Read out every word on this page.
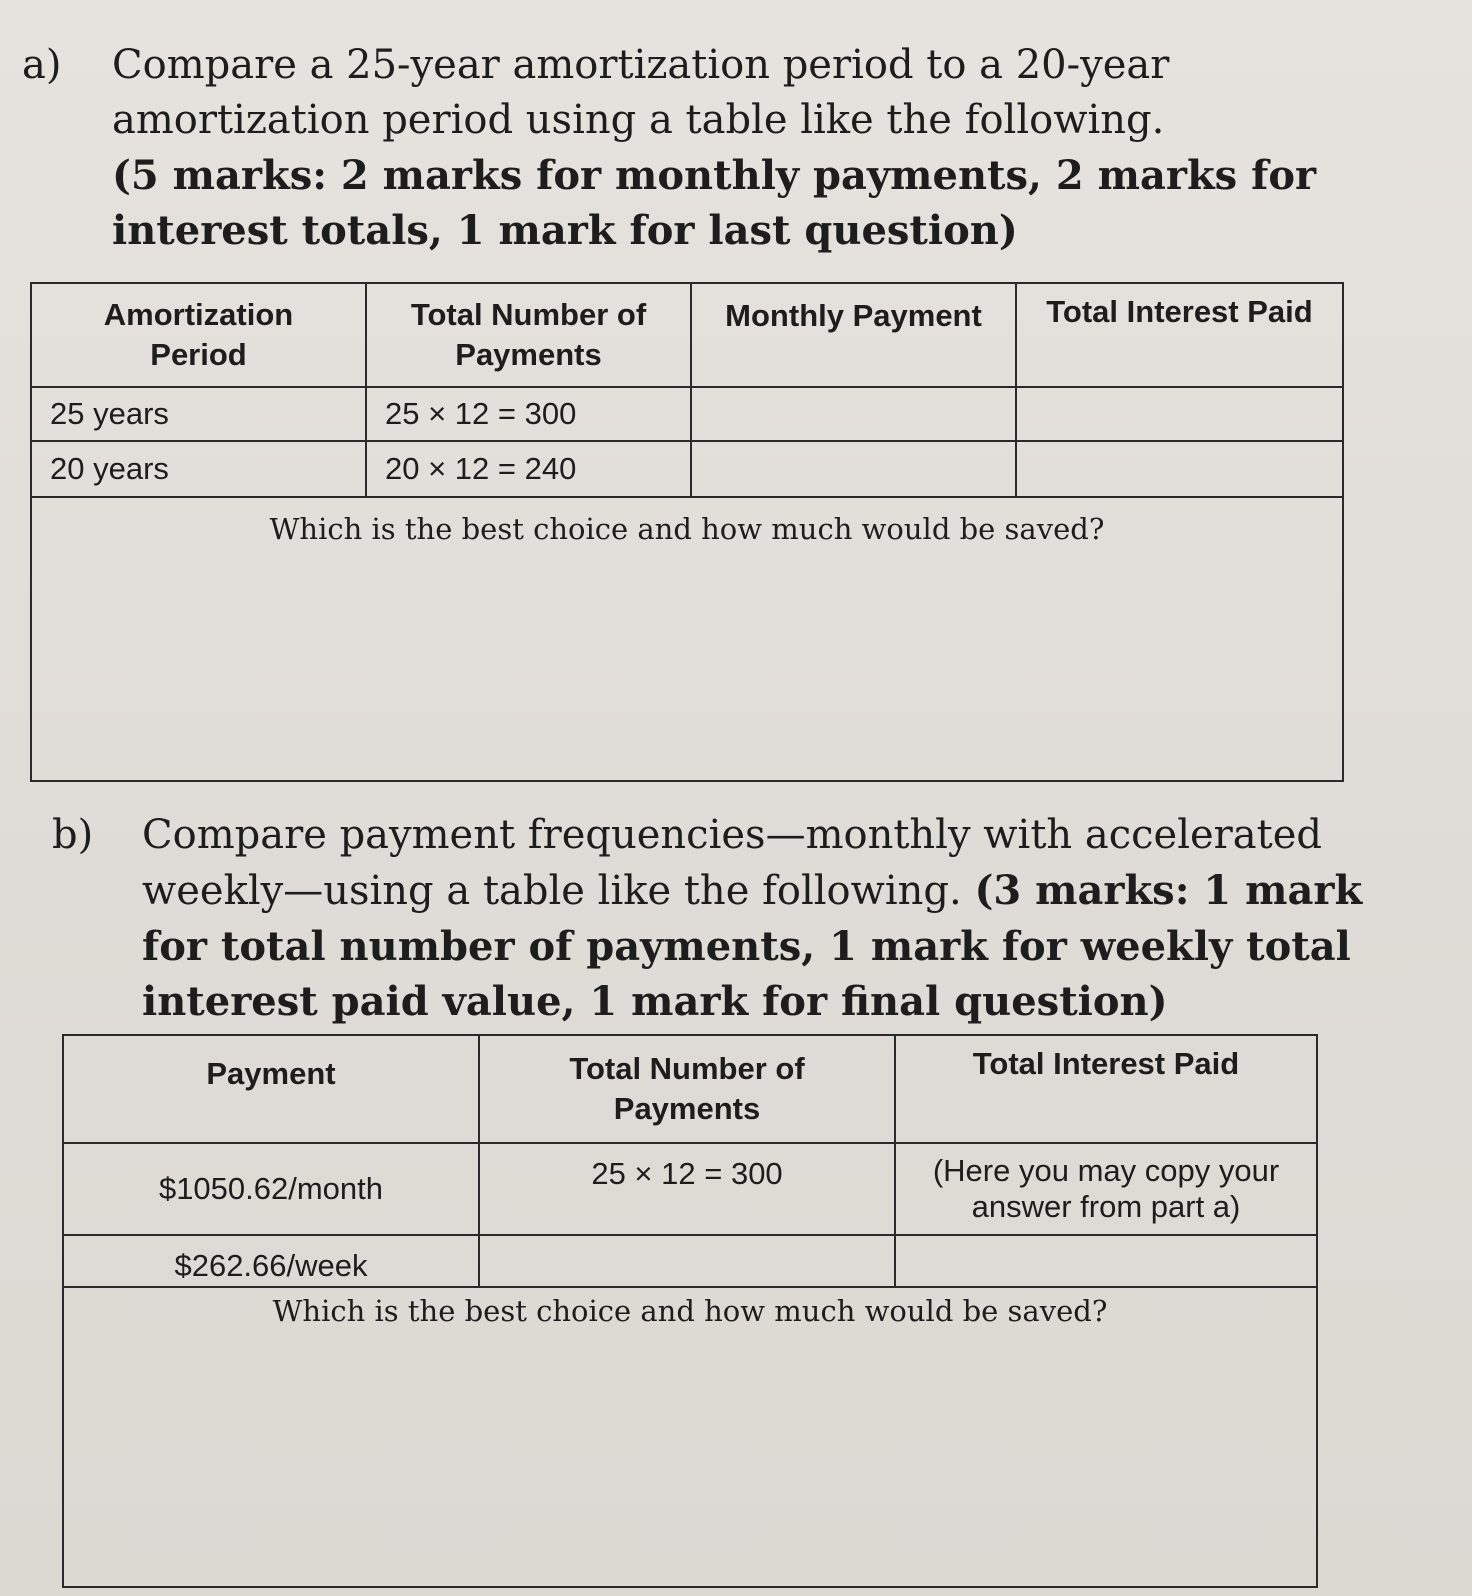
a) Compare a 25-year amortization period to a 20-year
amortization period using a table like the following.
(5 marks: 2 marks for monthly payments, 2 marks for
interest totals, 1 mark for last question)
Amortization Period	Total Number of Payments	Monthly Payment	Total Interest Paid
25 years	25 × 12 = 300		
20 years	20 × 12 = 240		
Which is the best choice and how much would be saved?			
b) Compare payment frequencies—monthly with accelerated
weekly—using a table like the following. (3 marks: 1 mark
for total number of payments, 1 mark for weekly total
interest paid value, 1 mark for final question)
Payment	Total Number of Payments	Total Interest Paid
$1050.62/month	25 × 12 = 300	(Here you may copy your answer from part a)
$262.66/week		
Which is the best choice and how much would be saved?		
